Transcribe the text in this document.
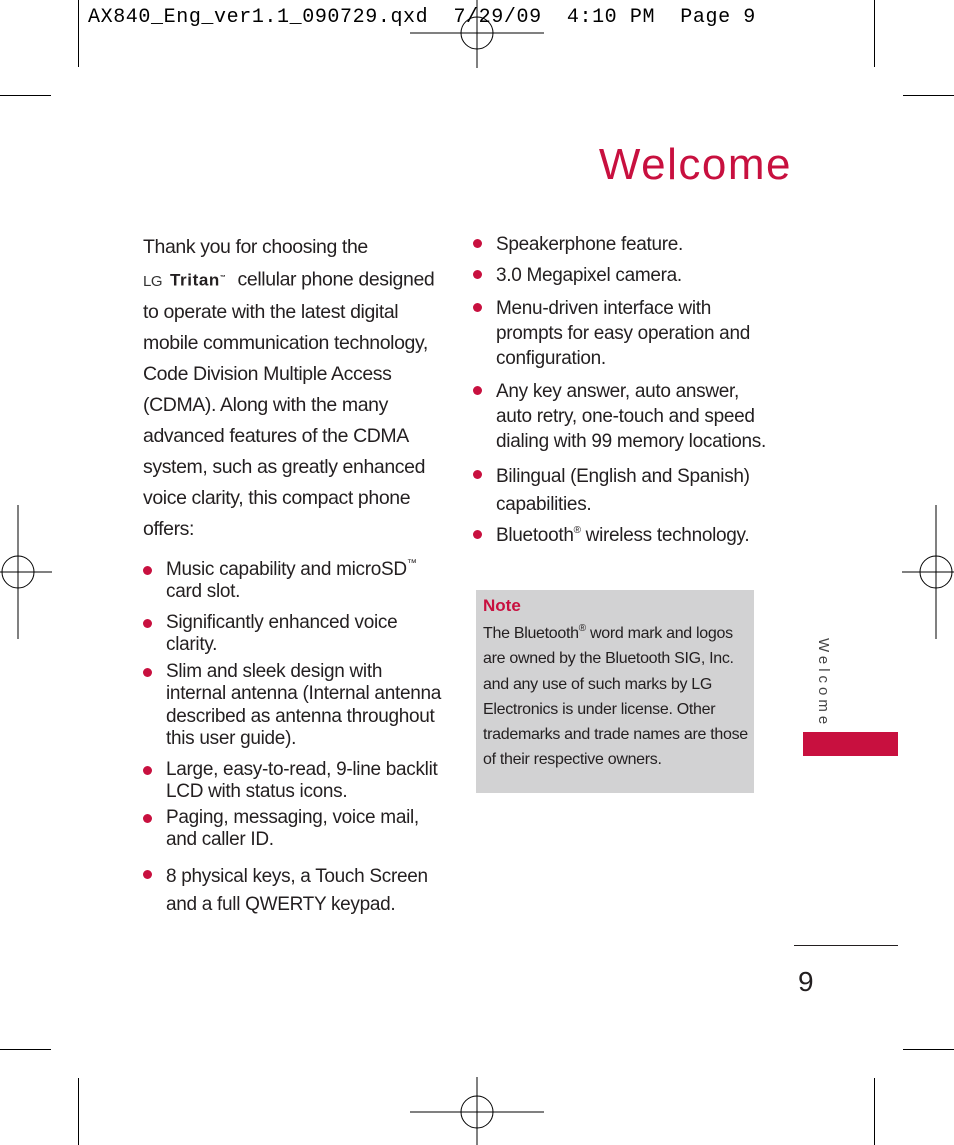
AX840_Eng_ver1.1_090729.qxd  7/29/09  4:10 PM  Page 9

Welcome

Thank you for choosing the

LG Tritan™ cellular phone designed to operate with the latest digital mobile communication technology, Code Division Multiple Access (CDMA). Along with the many advanced features of the CDMA system, such as greatly enhanced voice clarity, this compact phone offers:

Music capability and microSD™ card slot.
Significantly enhanced voice clarity.
Slim and sleek design with internal antenna (Internal antenna described as antenna throughout this user guide).
Large, easy-to-read, 9-line backlit LCD with status icons.
Paging, messaging, voice mail, and caller ID.
8 physical keys, a Touch Screen and a full QWERTY keypad.
Speakerphone feature.
3.0 Megapixel camera.
Menu-driven interface with prompts for easy operation and configuration.
Any key answer, auto answer, auto retry, one-touch and speed dialing with 99 memory locations.
Bilingual (English and Spanish) capabilities.
Bluetooth® wireless technology.

Note

The Bluetooth® word mark and logos are owned by the Bluetooth SIG, Inc. and any use of such marks by LG Electronics is under license. Other trademarks and trade names are those of their respective owners.

Welcome

9
